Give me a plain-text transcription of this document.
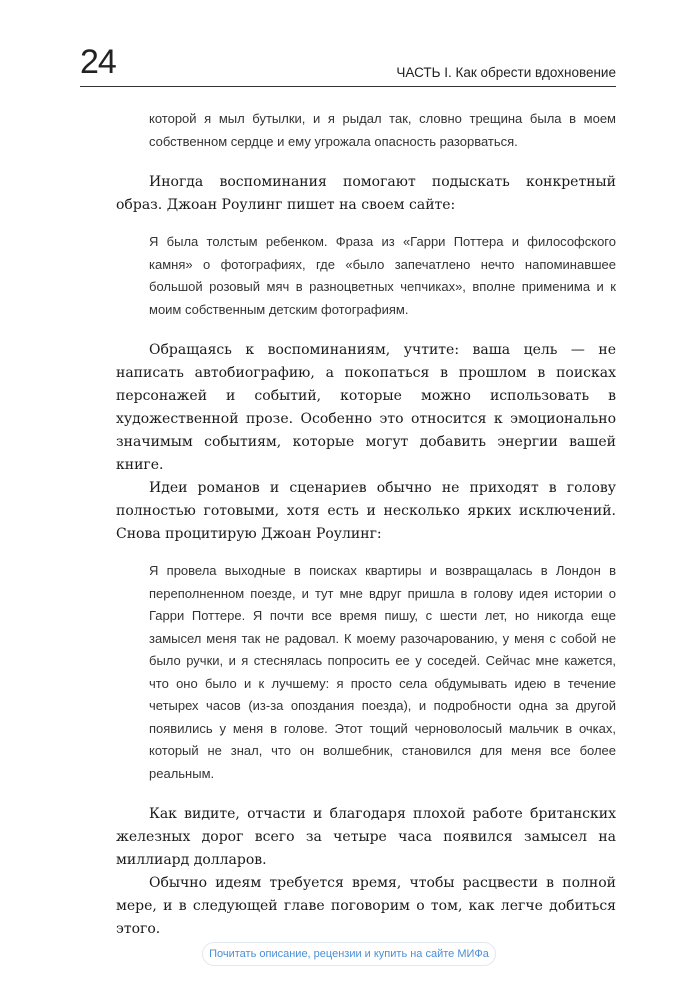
24	ЧАСТЬ I. Как обрести вдохновение

которой я мыл бутылки, и я рыдал так, словно трещина была в моем собственном сердце и ему угрожала опасность разорваться.

Иногда воспоминания помогают подыскать конкретный образ. Джоан Роулинг пишет на своем сайте:

Я была толстым ребенком. Фраза из «Гарри Поттера и философского камня» о фотографиях, где «было запечатлено нечто напоминавшее большой розовый мяч в разноцветных чепчиках», вполне применима и к моим собственным детским фотографиям.

Обращаясь к воспоминаниям, учтите: ваша цель — не написать автобиографию, а покопаться в прошлом в поисках персонажей и событий, которые можно использовать в художественной прозе. Особенно это относится к эмоционально значимым событиям, которые могут добавить энергии вашей книге.

Идеи романов и сценариев обычно не приходят в голову полностью готовыми, хотя есть и несколько ярких исключений. Снова процитирую Джоан Роулинг:

Я провела выходные в поисках квартиры и возвращалась в Лондон в переполненном поезде, и тут мне вдруг пришла в голову идея истории о Гарри Поттере. Я почти все время пишу, с шести лет, но никогда еще замысел меня так не радовал. К моему разочарованию, у меня с собой не было ручки, и я стеснялась попросить ее у соседей. Сейчас мне кажется, что оно было и к лучшему: я просто села обдумывать идею в течение четырех часов (из-за опоздания поезда), и подробности одна за другой появились у меня в голове. Этот тощий черноволосый мальчик в очках, который не знал, что он волшебник, становился для меня все более реальным.

Как видите, отчасти и благодаря плохой работе британских железных дорог всего за четыре часа появился замысел на миллиард долларов.

Обычно идеям требуется время, чтобы расцвести в полной мере, и в следующей главе поговорим о том, как легче добиться этого.

Почитать описание, рецензии и купить на сайте МИФа
